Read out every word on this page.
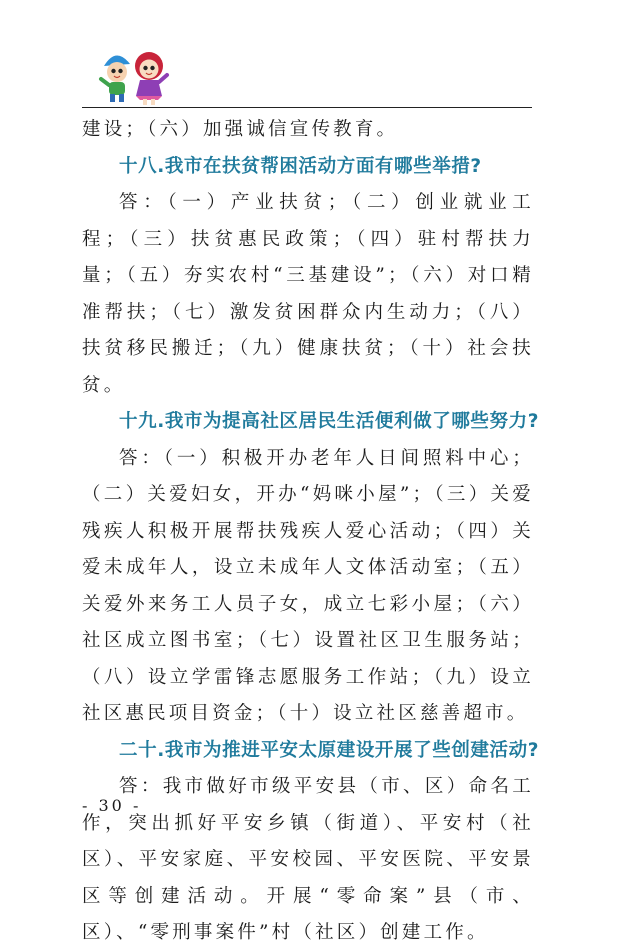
建设；（六）加强诚信宣传教育。

十八.我市在扶贫帮困活动方面有哪些举措?

答：（一）产业扶贫；（二）创业就业工程；（三）扶贫惠民政策；（四）驻村帮扶力量；（五）夯实农村“三基建设”；（六）对口精准帮扶；（七）激发贫困群众内生动力；（八）扶贫移民搬迁；（九）健康扶贫；（十）社会扶贫。

十九.我市为提高社区居民生活便利做了哪些努力?

答：（一）积极开办老年人日间照料中心；（二）关爱妇女，开办“妈咪小屋”；（三）关爱残疾人积极开展帮扶残疾人爱心活动；（四）关爱未成年人，设立未成年人文体活动室；（五）关爱外来务工人员子女，成立七彩小屋；（六）社区成立图书室；（七）设置社区卫生服务站；（八）设立学雷锋志愿服务工作站；（九）设立社区惠民项目资金；（十）设立社区慈善超市。

二十.我市为推进平安太原建设开展了些创建活动?

答：我市做好市级平安县（市、区）命名工作，突出抓好平安乡镇（街道）、平安村（社区）、平安家庭、平安校园、平安医院、平安景区等创建活动。开展“零命案”县（市、区）、“零刑事案件”村（社区）创建工作。

- 30 -
